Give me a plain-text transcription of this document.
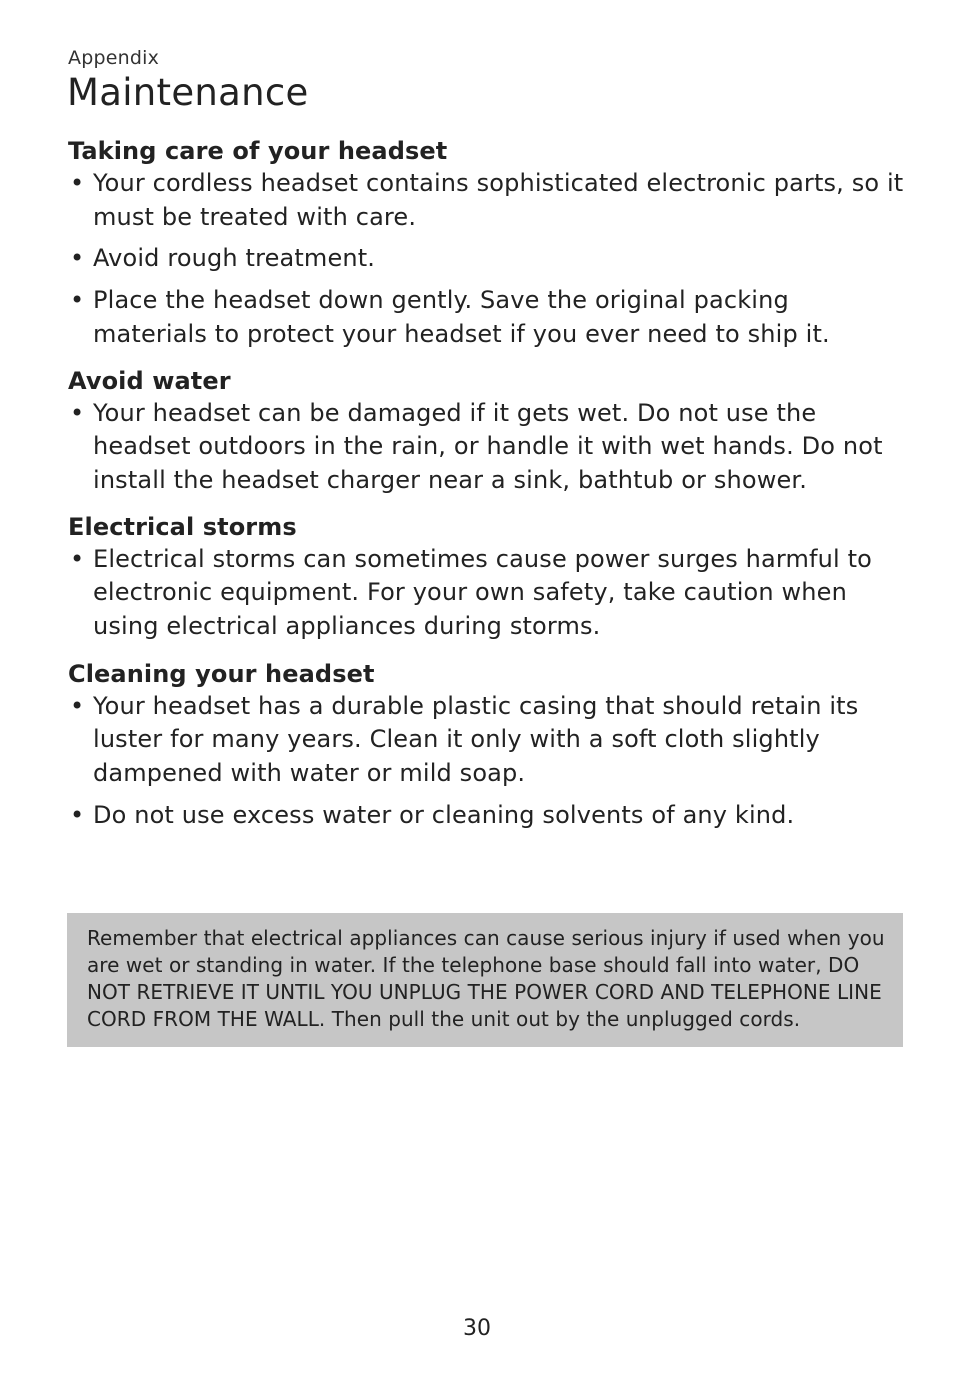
Appendix
Maintenance
Taking care of your headset
• Your cordless headset contains sophisticated electronic parts, so it must be treated with care.
• Avoid rough treatment.
• Place the headset down gently. Save the original packing materials to protect your headset if you ever need to ship it.
Avoid water
• Your headset can be damaged if it gets wet. Do not use the headset outdoors in the rain, or handle it with wet hands. Do not install the headset charger near a sink, bathtub or shower.
Electrical storms
• Electrical storms can sometimes cause power surges harmful to electronic equipment. For your own safety, take caution when using electrical appliances during storms.
Cleaning your headset
• Your headset has a durable plastic casing that should retain its luster for many years. Clean it only with a soft cloth slightly dampened with water or mild soap.
• Do not use excess water or cleaning solvents of any kind.
Remember that electrical appliances can cause serious injury if used when you are wet or standing in water. If the telephone base should fall into water, DO NOT RETRIEVE IT UNTIL YOU UNPLUG THE POWER CORD AND TELEPHONE LINE CORD FROM THE WALL. Then pull the unit out by the unplugged cords.
30
